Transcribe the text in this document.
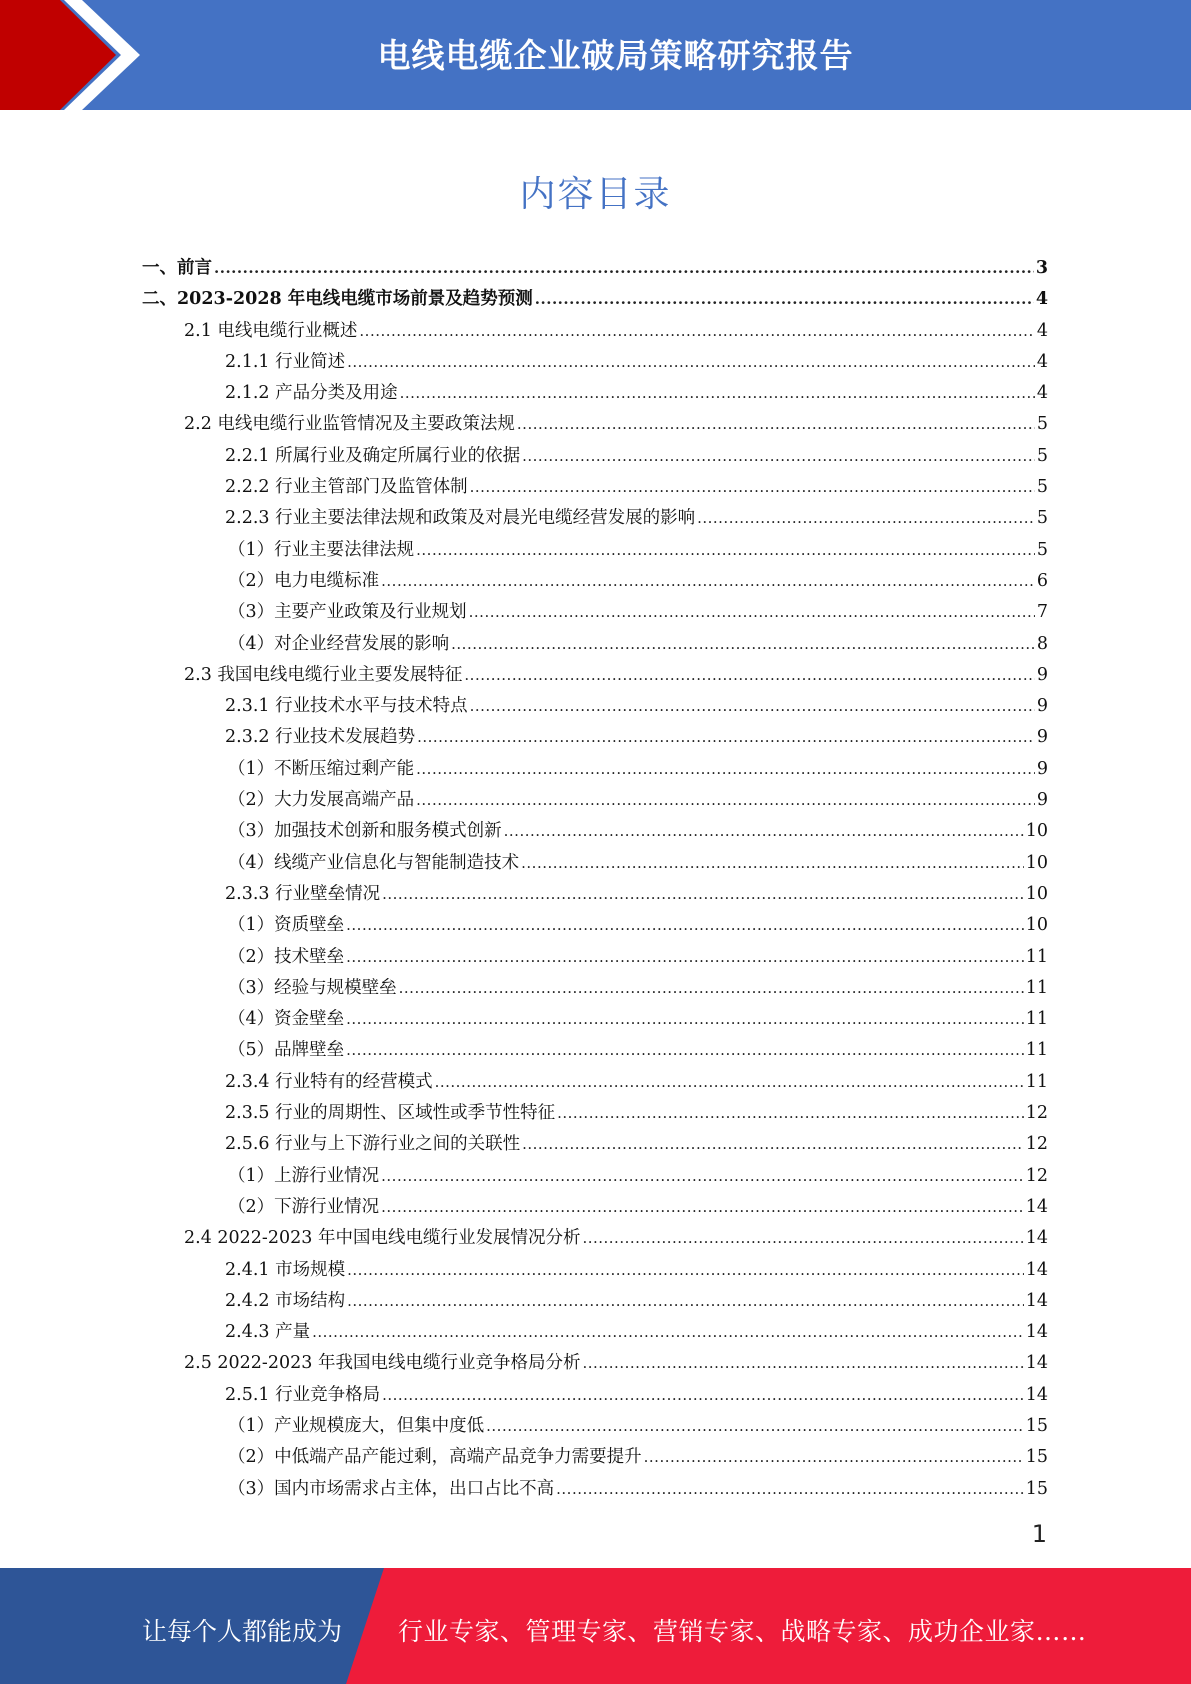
电线电缆企业破局策略研究报告
内容目录
一、前言 .....	3
二、2023-2028 年电线电缆市场前景及趋势预测 .....	4
2.1 电线电缆行业概述 .....	4
2.1.1 行业简述 .....	4
2.1.2 产品分类及用途 .....	4
2.2 电线电缆行业监管情况及主要政策法规 .....	5
2.2.1 所属行业及确定所属行业的依据 .....	5
2.2.2 行业主管部门及监管体制 .....	5
2.2.3 行业主要法律法规和政策及对晨光电缆经营发展的影响 .....	5
（1）行业主要法律法规 .....	5
（2）电力电缆标准 .....	6
（3）主要产业政策及行业规划 .....	7
（4）对企业经营发展的影响 .....	8
2.3 我国电线电缆行业主要发展特征 .....	9
2.3.1 行业技术水平与技术特点 .....	9
2.3.2 行业技术发展趋势 .....	9
（1）不断压缩过剩产能 .....	9
（2）大力发展高端产品 .....	9
（3）加强技术创新和服务模式创新 .....	10
（4）线缆产业信息化与智能制造技术 .....	10
2.3.3 行业壁垒情况 .....	10
（1）资质壁垒 .....	10
（2）技术壁垒 .....	11
（3）经验与规模壁垒 .....	11
（4）资金壁垒 .....	11
（5）品牌壁垒 .....	11
2.3.4 行业特有的经营模式 .....	11
2.3.5 行业的周期性、区域性或季节性特征 .....	12
2.5.6 行业与上下游行业之间的关联性 .....	12
（1）上游行业情况 .....	12
（2）下游行业情况 .....	14
2.4 2022-2023 年中国电线电缆行业发展情况分析 .....	14
2.4.1 市场规模 .....	14
2.4.2 市场结构 .....	14
2.4.3 产量 .....	14
2.5 2022-2023 年我国电线电缆行业竞争格局分析 .....	14
2.5.1 行业竞争格局 .....	14
（1）产业规模庞大，但集中度低 .....	15
（2）中低端产品产能过剩，高端产品竞争力需要提升 .....	15
（3）国内市场需求占主体，出口占比不高 .....	15
1
让每个人都能成为 行业专家、管理专家、营销专家、战略专家、成功企业家……
